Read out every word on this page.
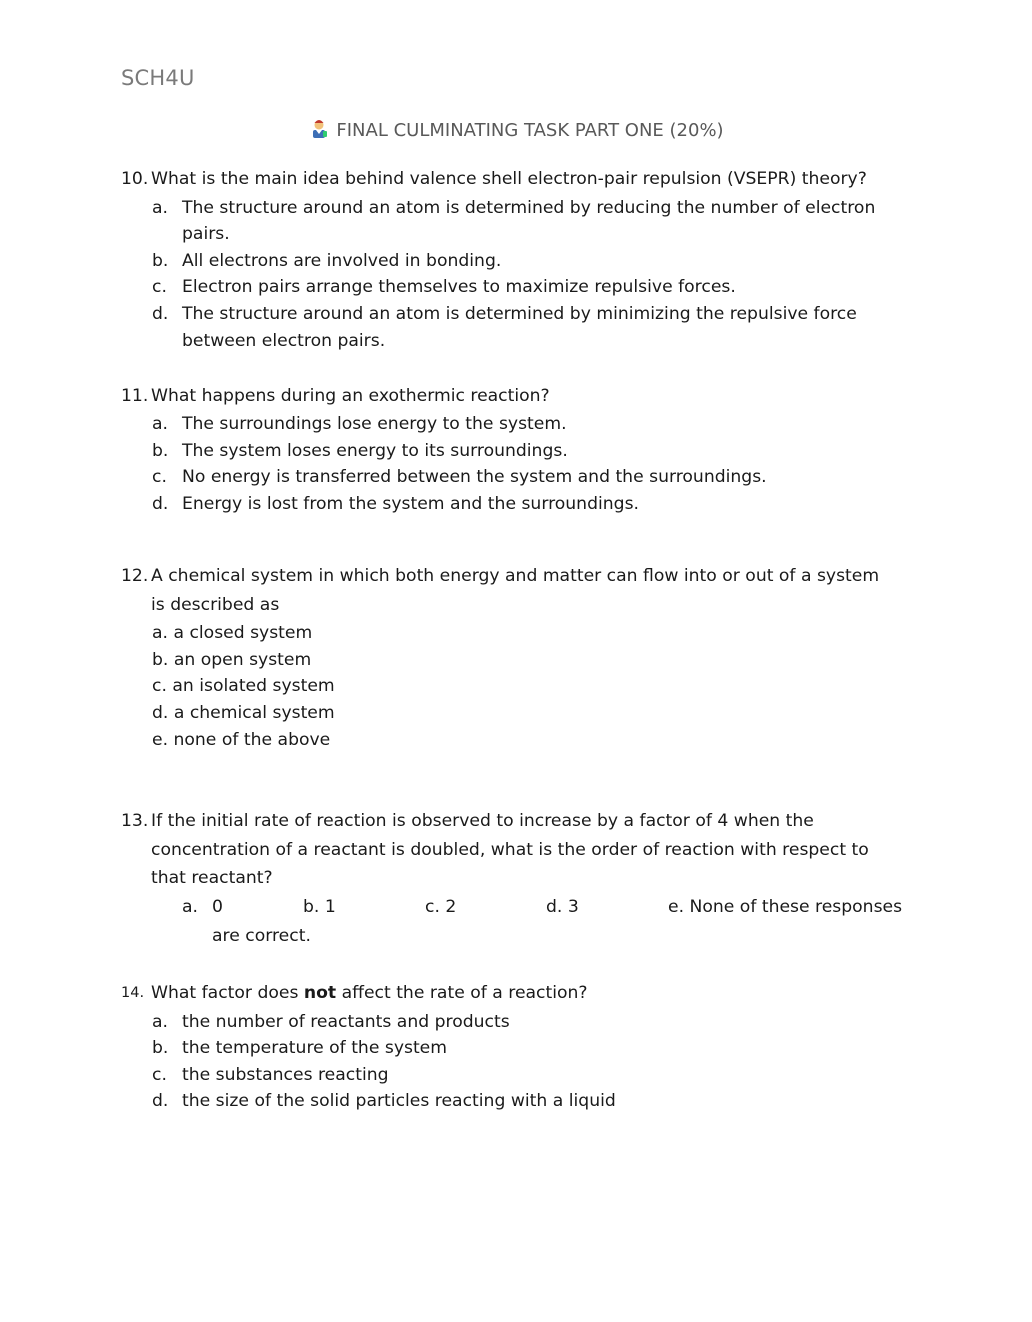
SCH4U
FINAL CULMINATING TASK PART ONE (20%)
10. What is the main idea behind valence shell electron-pair repulsion (VSEPR) theory?
a. The structure around an atom is determined by reducing the number of electron
pairs.
b. All electrons are involved in bonding.
c. Electron pairs arrange themselves to maximize repulsive forces.
d. The structure around an atom is determined by minimizing the repulsive force
between electron pairs.
11. What happens during an exothermic reaction?
a. The surroundings lose energy to the system.
b. The system loses energy to its surroundings.
c. No energy is transferred between the system and the surroundings.
d. Energy is lost from the system and the surroundings.
12. A chemical system in which both energy and matter can flow into or out of a system
is described as
a. a closed system
b. an open system
c. an isolated system
d. a chemical system
e. none of the above
13. If the initial rate of reaction is observed to increase by a factor of 4 when the
concentration of a reactant is doubled, what is the order of reaction with respect to
that reactant?
a. 0	b. 1	c. 2	d. 3	e. None of these responses
are correct.
14. What factor does not affect the rate of a reaction?
a. the number of reactants and products
b. the temperature of the system
c. the substances reacting
d. the size of the solid particles reacting with a liquid
